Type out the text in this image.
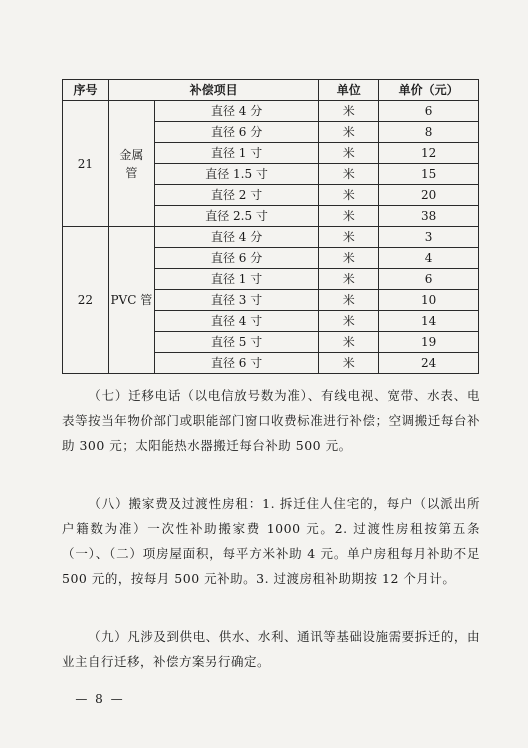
序号	补偿项目		单位	单价（元）
21	金属管	直径 4 分	米	6
		直径 6 分	米	8
		直径 1 寸	米	12
		直径 1.5 寸	米	15
		直径 2 寸	米	20
		直径 2.5 寸	米	38
22	PVC 管	直径 4 分	米	3
		直径 6 分	米	4
		直径 1 寸	米	6
		直径 3 寸	米	10
		直径 4 寸	米	14
		直径 5 寸	米	19
		直径 6 寸	米	24
（七）迁移电话（以电信放号数为准）、有线电视、宽带、水表、电表等按当年物价部门或职能部门窗口收费标准进行补偿；空调搬迁每台补助 300 元；太阳能热水器搬迁每台补助 500 元。
（八）搬家费及过渡性房租：1. 拆迁住人住宅的，每户（以派出所户籍数为准）一次性补助搬家费 1000 元。2. 过渡性房租按第五条（一）、（二）项房屋面积，每平方米补助 4 元。单户房租每月补助不足 500 元的，按每月 500 元补助。3. 过渡房租补助期按 12 个月计。
（九）凡涉及到供电、供水、水利、通讯等基础设施需要拆迁的，由业主自行迁移，补偿方案另行确定。
— 8 —
